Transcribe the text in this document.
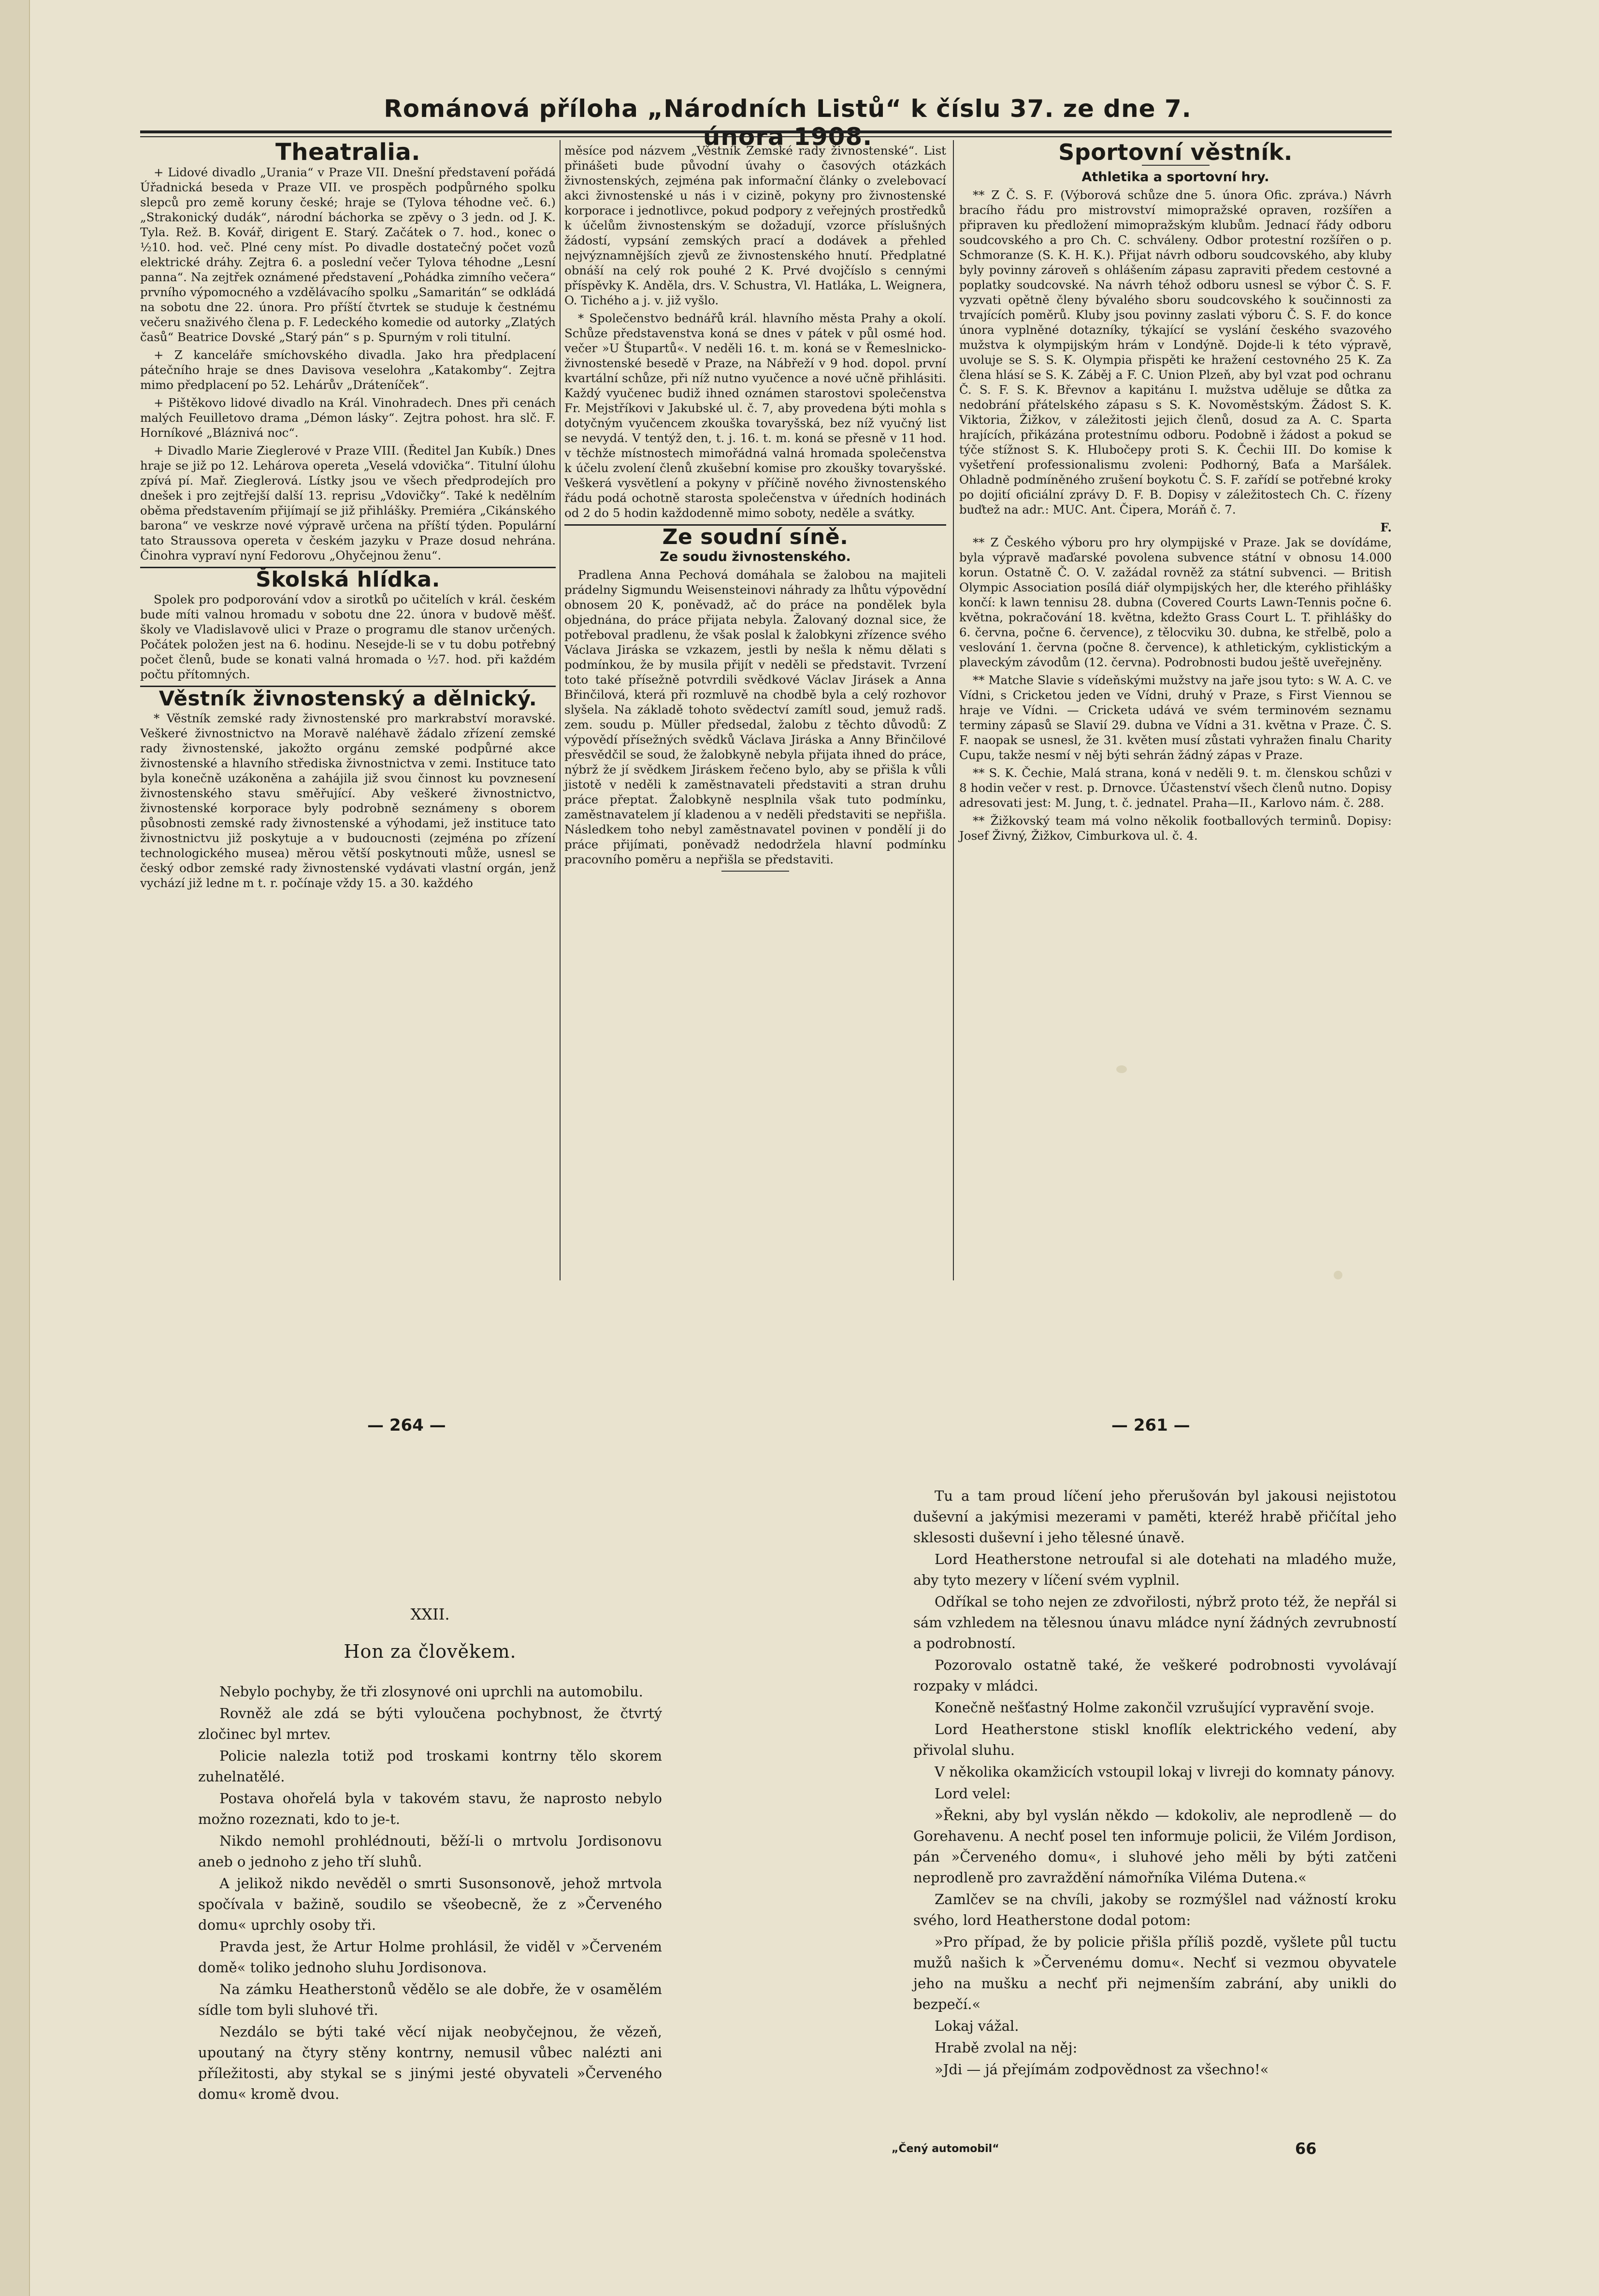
Románová příloha „Národních Listů“ k číslu 37. ze dne 7. února 1908.
Theatralia.

+ Lidové divadlo „Urania“ v Praze VII. Dnešní představení pořádá Úřadnická beseda v Praze VII. ve prospěch podpůrného spolku slepců pro země koruny české; hraje se (Tylova téhodne več. 6.) „Strakonický dudák“, národní báchorka se zpěvy o 3 jedn. od J. K. Tyla. Rež. B. Kovář, dirigent E. Starý. Začátek o 7. hod., konec o ½10. hod. več. Plné ceny míst. Po divadle dostatečný počet vozů elektrické dráhy. Zejtra 6. a poslední večer Tylova téhodne „Lesní panna“. Na zejtřek oznámené představení „Pohádka zimního večera“ prvního výpomocného a vzdělávacího spolku „Samaritán“ se odkládá na sobotu dne 22. února. Pro příští čtvrtek se studuje k čestnému večeru snaživého člena p. F. Ledeckého komedie od autorky „Zlatých časů“ Beatrice Dovské „Starý pán“ s p. Spurným v roli titulní.

+ Z kanceláře smíchovského divadla. Jako hra předplacení pátečního hraje se dnes Davisova veselohra „Katakomby“. Zejtra mimo předplacení po 52. Lehárův „Dráteníček“.

+ Pištěkovo lidové divadlo na Král. Vinohradech. Dnes při cenách malých Feuilletovo drama „Démon lásky“. Zejtra pohost. hra slč. F. Horníkové „Bláznivá noc“.

+ Divadlo Marie Zieglerové v Praze VIII. (Ředitel Jan Kubík.) Dnes hraje se již po 12. Lehárova opereta „Veselá vdovička“. Titulní úlohu zpívá pí. Mař. Zieglerová. Lístky jsou ve všech předprodejích pro dnešek i pro zejtřejší další 13. reprisu „Vdovičky“. Také k nedělním oběma představením přijímají se již přihlášky. Premiéra „Cikánského barona“ ve veskrze nové výpravě určena na příští týden. Populární tato Straussova opereta v českém jazyku v Praze dosud nehrána. Činohra vypraví nyní Fedorovu „Ohyčejnou ženu“.

Školská hlídka.

Spolek pro podporování vdov a sirotků po učitelích v král. českém bude míti valnou hromadu v sobotu dne 22. února v budově měšť. školy ve Vladislavově ulici v Praze o programu dle stanov určených. Počátek položen jest na 6. hodinu. Nesejde-li se v tu dobu potřebný počet členů, bude se konati valná hromada o ½7. hod. při každém počtu přítomných.

Věstník živnostenský a dělnický.

* Věstník zemské rady živnostenské pro markrabství moravské. Veškeré živnostnictvo na Moravě naléhavě žádalo zřízení zemské rady živnostenské, jakožto orgánu zemské podpůrné akce živnostenské a hlavního střediska živnostnictva v zemi. Instituce tato byla konečně uzákoněna a zahájila již svou činnost ku povznesení živnostenského stavu směřující. Aby veškeré živnostnictvo, živnostenské korporace byly podrobně seznámeny s oborem působnosti zemské rady živnostenské a výhodami, jež instituce tato živnostnictvu již poskytuje a v budoucnosti (zejména po zřízení technologického musea) měrou větší poskytnouti může, usnesl se český odbor zemské rady živnostenské vydávati vlastní orgán, jenž vychází již ledne m t. r. počínaje vždy 15. a 30. každého

měsíce pod názvem „Věstník Zemské rady živnostenské“. List přinášeti bude původní úvahy o časových otázkách živnostenských, zejména pak informační články o zvelebovací akci živnostenské u nás i v cizině, pokyny pro živnostenské korporace i jednotlivce, pokud podpory z veřejných prostředků k účelům živnostenským se dožadují, vzorce příslušných žádostí, vypsání zemských prací a dodávek a přehled nejvýznamnějších zjevů ze živnostenského hnutí. Předplatné obnáší na celý rok pouhé 2 K. Prvé dvojčíslo s cennými příspěvky K. Anděla, drs. V. Schustra, Vl. Hatláka, L. Weignera, O. Tichého a j. v. již vyšlo.

* Společenstvo bednářů král. hlavního města Prahy a okolí. Schůze představenstva koná se dnes v pátek v půl osmé hod. večer »U Štupartů«. V neděli 16. t. m. koná se v Řemeslnicko-živnostenské besedě v Praze, na Nábřeží v 9 hod. dopol. první kvartální schůze, při níž nutno vyučence a nové učně přihlásiti. Každý vyučenec budiž ihned oznámen starostovi společenstva Fr. Mejstříkovi v Jakubské ul. č. 7, aby provedena býti mohla s dotyčným vyučencem zkouška tovaryšská, bez níž vyučný list se nevydá. V tentýž den, t. j. 16. t. m. koná se přesně v 11 hod. v těchže místnostech mimořádná valná hromada společenstva k účelu zvolení členů zkušební komise pro zkoušky tovaryšské. Veškerá vysvětlení a pokyny v příčině nového živnostenského řádu podá ochotně starosta společenstva v úředních hodinách od 2 do 5 hodin každodenně mimo soboty, neděle a svátky.

Ze soudní síně.
Ze soudu živnostenského.

Pradlena Anna Pechová domáhala se žalobou na majiteli prádelny Sigmundu Weisensteinovi náhrady za lhůtu výpovědní obnosem 20 K, poněvadž, ač do práce na pondělek byla objednána, do práce přijata nebyla. Žalovaný doznal sice, že potřeboval pradlenu, že však poslal k žalobkyni zřízence svého Václava Jiráska se vzkazem, jestli by nešla k němu dělati s podmínkou, že by musila přijít v neděli se představit. Tvrzení toto také přísežně potvrdili svědkové Václav Jirásek a Anna Břinčilová, která při rozmluvě na chodbě byla a celý rozhovor slyšela. Na základě tohoto svědectví zamítl soud, jemuž radš. zem. soudu p. Müller předsedal, žalobu z těchto důvodů: Z výpovědí přísežných svědků Václava Jiráska a Anny Břinčilové přesvědčil se soud, že žalobkyně nebyla přijata ihned do práce, nýbrž že jí svědkem Jiráskem řečeno bylo, aby se přišla k vůli jistotě v neděli k zaměstnavateli představiti a stran druhu práce přeptat. Žalobkyně nesplnila však tuto podmínku, zaměstnavatelem jí kladenou a v neděli představiti se nepřišla. Následkem toho nebyl zaměstnavatel povinen v pondělí ji do práce přijímati, poněvadž nedodržela hlavní podmínku pracovního poměru a nepřišla se představiti.

Sportovní věstník.
Athletika a sportovní hry.

** Z Č. S. F. (Výborová schůze dne 5. února Ofic. zpráva.) Návrh bracího řádu pro mistrovství mimopražské opraven, rozšířen a připraven ku předložení mimopražským klubům. Jednací řády odboru soudcovského a pro Ch. C. schváleny. Odbor protestní rozšířen o p. Schmoranze (S. K. H. K.). Přijat návrh odboru soudcovského, aby kluby byly povinny zároveň s ohlášením zápasu zapraviti předem cestovné a poplatky soudcovské. Na návrh téhož odboru usnesl se výbor Č. S. F. vyzvati opětně členy bývalého sboru soudcovského k součinnosti za trvajících poměrů. Kluby jsou povinny zaslati výboru Č. S. F. do konce února vyplněné dotazníky, týkající se vyslání českého svazového mužstva k olympijským hrám v Londýně. Dojde-li k této výpravě, uvoluje se S. S. K. Olympia přispěti ke hražení cestovného 25 K. Za člena hlásí se S. K. Záběj a F. C. Union Plzeň, aby byl vzat pod ochranu Č. S. F. S. K. Břevnov a kapitánu I. mužstva uděluje se důtka za nedobrání přátelského zápasu s S. K. Novoměstským. Žádost S. K. Viktoria, Žižkov, v záležitosti jejich členů, dosud za A. C. Sparta hrajících, přikázána protestnímu odboru. Podobně i žádost a pokud se týče stížnost S. K. Hlubočepy proti S. K. Čechii III. Do komise k vyšetření professionalismu zvoleni: Podhorný, Baťa a Maršálek. Ohladně podmíněného zrušení boykotu Č. S. F. zařídí se potřebné kroky po dojití oficiální zprávy D. F. B. Dopisy v záležitostech Ch. C. řízeny buďtež na adr.: MUC. Ant. Čipera, Moráň č. 7.

F.

** Z Českého výboru pro hry olympijské v Praze. Jak se dovídáme, byla výpravě maďarské povolena subvence státní v obnosu 14.000 korun. Ostatně Č. O. V. zažádal rovněž za státní subvenci. — British Olympic Association posílá diář olympijských her, dle kterého přihlášky končí: k lawn tennisu 28. dubna (Covered Courts Lawn-Tennis počne 6. května, pokračování 18. května, kdežto Grass Court L. T. přihlášky do 6. června, počne 6. července), z tělocviku 30. dubna, ke střelbě, polo a veslování 1. června (počne 8. července), k athletickým, cyklistickým a plaveckým závodům (12. června). Podrobnosti budou ještě uveřejněny.

** Matche Slavie s vídeňskými mužstvy na jaře jsou tyto: s W. A. C. ve Vídni, s Cricketou jeden ve Vídni, druhý v Praze, s First Viennou se hraje ve Vídni. — Cricketa udává ve svém terminovém seznamu terminy zápasů se Slavií 29. dubna ve Vídni a 31. května v Praze. Č. S. F. naopak se usnesl, že 31. květen musí zůstati vyhražen finalu Charity Cupu, takže nesmí v něj býti sehrán žádný zápas v Praze.

** S. K. Čechie, Malá strana, koná v neděli 9. t. m. členskou schůzi v 8 hodin večer v rest. p. Drnovce. Účastenství všech členů nutno. Dopisy adresovati jest: M. Jung, t. č. jednatel. Praha—II., Karlovo nám. č. 288.

** Žižkovský team má volno několik footballových terminů. Dopisy: Josef Živný, Žižkov, Cimburkova ul. č. 4.

— 264 —	— 261 —
XXII.
Hon za člověkem.

Nebylo pochyby, že tři zlosynové oni uprchli na automobilu.

Rovněž ale zdá se býti vyloučena pochybnost, že čtvrtý zločinec byl mrtev.

Policie nalezla totiž pod troskami kontrny tělo skorem zuhelnatělé.

Postava ohořelá byla v takovém stavu, že naprosto nebylo možno rozeznati, kdo to je-t.

Nikdo nemohl prohlédnouti, běží-li o mrtvolu Jordisonovu aneb o jednoho z jeho tří sluhů.

A jelikož nikdo nevěděl o smrti Susonsonově, jehož mrtvola spočívala v bažině, soudilo se všeobecně, že z »Červeného domu« uprchly osoby tři.

Pravda jest, že Artur Holme prohlásil, že viděl v »Červeném domě« toliko jednoho sluhu Jordisonova.

Na zámku Heatherstonů vědělo se ale dobře, že v osamělém sídle tom byli sluhové tři.

Nezdálo se býti také věcí nijak neobyčejnou, že vězeň, upoutaný na čtyry stěny kontrny, nemusil vůbec nalézti ani příležitosti, aby stykal se s jinými jesté obyvateli »Červeného domu« kromě dvou.

Tu a tam proud líčení jeho přerušován byl jakousi nejistotou duševní a jakýmisi mezerami v paměti, kteréž hrabě přičítal jeho sklesosti duševní i jeho tělesné únavě.

Lord Heatherstone netroufal si ale dotehati na mladého muže, aby tyto mezery v líčení svém vyplnil.

Odříkal se toho nejen ze zdvořilosti, nýbrž proto též, že nepřál si sám vzhledem na tělesnou únavu mládce nyní žádných zevrubností a podrobností.

Pozorovalo ostatně také, že veškeré podrobnosti vyvolávají rozpaky v mládci.

Konečně nešťastný Holme zakončil vzrušující vypravění svoje.

Lord Heatherstone stiskl knoflík elektrického vedení, aby přivolal sluhu.

V několika okamžicích vstoupil lokaj v livreji do komnaty pánovy.

Lord velel:

»Řekni, aby byl vyslán někdo — kdokoliv, ale neprodleně — do Gorehavenu. A nechť posel ten informuje policii, že Vilém Jordison, pán »Červeného domu«, i sluhové jeho měli by býti zatčeni neprodleně pro zavraždění námořníka Viléma Dutena.«

Zamlčev se na chvíli, jakoby se rozmýšlel nad vážností kroku svého, lord Heatherstone dodal potom:

»Pro případ, že by policie přišla příliš pozdě, vyšlete půl tuctu mužů našich k »Červenému domu«. Nechť si vezmou obyvatele jeho na mušku a nechť při nejmenším zabrání, aby unikli do bezpečí.«

Lokaj vážal.

Hrabě zvolal na něj:

»Jdi — já přejímám zodpovědnost za všechno!«

„Čený automobil“	66
